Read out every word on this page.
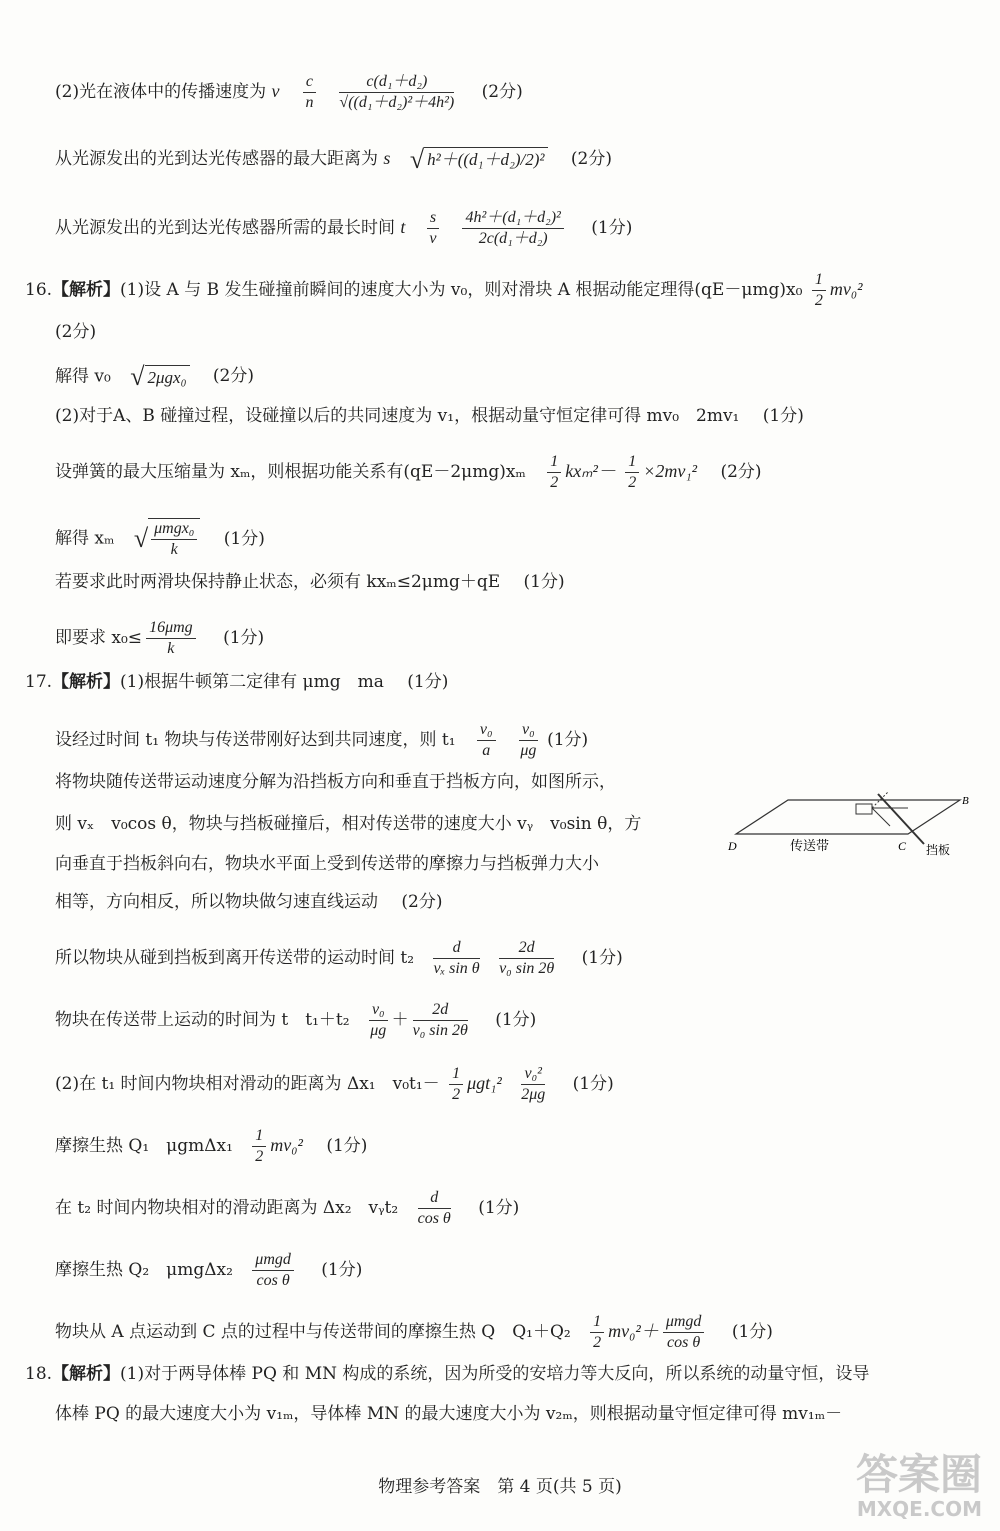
(2)光在液体中的传播速度为 v $\frac{c}{n}$
$\frac{\text{c(d₁＋d₂)}}{\text{√((d₁＋d₂)²＋4h²)}} (2$分)
从光源发出的光到达光传感器的最大距离为 s √ h²＋((d₁＋d₂)/2)² (2分)
从光源发出的光到达光传感器所需的最长时间 t $\frac{s}{v}$
$\frac{\text{4h²＋(d₁＋d₂)²}}{\text{2c(d₁＋d₂)}} (1$分)
16.【解析】(1)设 A 与 B 发生碰撞前瞬间的速度大小为 v₀，则对滑块 A 根据动能定理得$(qE-\mu mg)x_0 \frac{1}{2} mv_0^2$
(2分)
解得 v₀ √ 2μgx₀ (2分)
(2)对于A、B 碰撞过程，设碰撞以后的共同速度为 v₁，根据动量守恒定律可得 mv₀　2mv₁ (1分)
设弹簧的最大压缩量为 xₘ，则根据功能关系有$(qE-2\mu mg)x_m \frac{1}{2} kx_m^2- \frac{1}{2} \times 2mv_1^2$ (2分)
解得 xₘ √ μmgx₀
k
(1分)
若要求此时两滑块保持静止状态，必须有 kxₘ≤2μmg＋qE (1分)
即要求 x₀≤
16μmg
k
(1分)
17.【解析】(1)根据牛顿第二定律有 μmg　ma (1分)
设经过时间 t₁ 物块与传送带刚好达到共同速度，则 $t_1 \frac{\text{v₀}}{a}$
$\frac{\text{v₀}}{\mu g} (1$分)
将物块随传送带运动速度分解为沿挡板方向和垂直于挡板方向，如图所示，
则 vₓ　v₀cos θ，物块与挡板碰撞后，相对传送带的速度大小 vᵧ　v₀sin θ，方
向垂直于挡板斜向右，物块水平面上受到传送带的摩擦力与挡板弹力大小
相等，方向相反，所以物块做匀速直线运动 (2分)
D	C
B
传送带	挡板
所以物块从碰到挡板到离开传送带的运动时间 $t_2 \frac{d}{\text{vₓ sin θ}}$
$\frac{2d}{\text{v₀ sin 2θ}} (1$分)
物块在传送带上运动的时间为 t　$t_1+t_2 \frac{\text{v₀}}{\mu g} + \frac{2d}{\text{v₀ sin 2θ}} (1$分)
(2)在 t₁ 时间内物块相对滑动的距离为 Δx₁　$v_0t_1- \frac{1}{2} \mu gt_1^2 \frac{\text{v₀²}}{2\mu g} (1$分)
摩擦生热 Q₁　$\mu gm\Delta x_1 \frac{1}{2} mv_0^2$ (1分)
在 t₂ 时间内物块相对的滑动距离为 Δx₂　vᵧt₂ $\frac{d}{\text{cos θ}} (1$分)
摩擦生热 Q₂　μmgΔx₂
μmgd
cos θ
(1分)
物块从 A 点运动到 C 点的过程中与传送带间的摩擦生热 Q　$Q_1+Q_2 \frac{1}{2} mv_0^2+ \mu mgd$
cos θ
(1分)
18.【解析】(1)对于两导体棒 PQ 和 MN 构成的系统，因为所受的安培力等大反向，所以系统的动量守恒，设导
体棒 PQ 的最大速度大小为 v₁ₘ，导体棒 MN 的最大速度大小为 v₂ₘ，则根据动量守恒定律可得 mv₁ₘ－
物理参考答案　第 4 页(共 5 页)	答案圈
MXQE.COM
